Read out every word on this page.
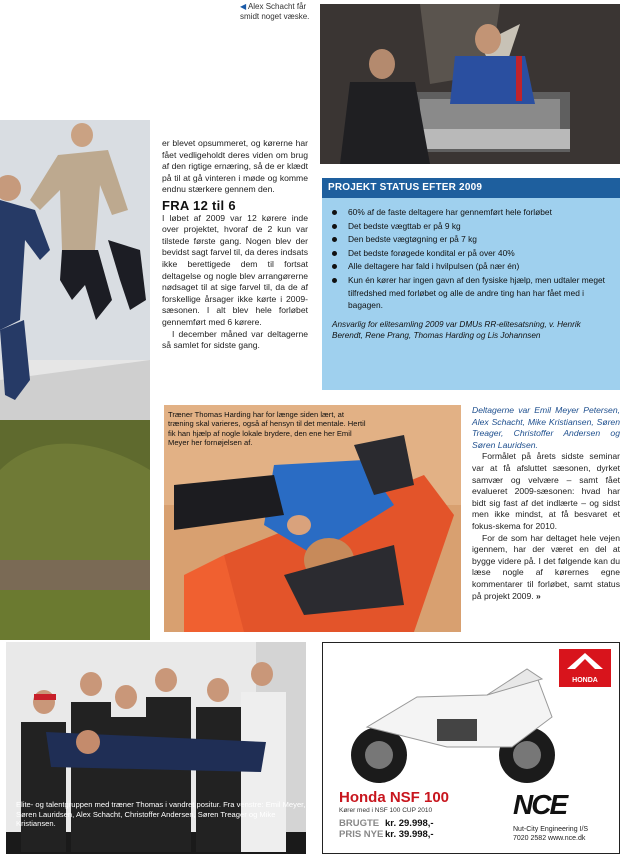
◀ Alex Schacht får smidt noget væske.

er blevet opsummeret, og kørerne har fået vedligeholdt deres viden om brug af den rigtige ernæring, så de er klædt på til at gå vinteren i møde og komme endnu stærkere gennem den.

FRA 12 til 6

I løbet af 2009 var 12 kørere inde over projektet, hvoraf de 2 kun var tilstede første gang. Nogen blev der bevidst sagt farvel til, da deres indsats ikke berettigede dem til fortsat deltagelse og nogle blev arrangørerne nødsaget til at sige farvel til, da de af forskellige årsager ikke kørte i 2009-sæsonen. I alt blev hele forløbet gennemført med 6 kørere.

I december måned var deltagerne så samlet for sidste gang.

PROJEKT STATUS EFTER 2009
60% af de faste deltagere har gennemført hele forløbet
Det bedste vægttab er på 9 kg
Den bedste vægtøgning er på 7 kg
Det bedste forøgede kondital er på over 40%
Alle deltagere har fald i hvilpulsen (på nær én)
Kun én kører har ingen gavn af den fysiske hjælp, men udtaler meget tilfredshed med forløbet og alle de andre ting han har fået med i bagagen.
Ansvarlig for elitesamling 2009 var DMUs RR-elitesatsning, v. Henrik Berendt, Rene Prang, Thomas Harding og Lis Johannsen
Træner Thomas Harding har for længe siden lært, at træning skal varieres, også af hensyn til det mentale. Hertil fik han hjælp af nogle lokale brydere, den ene her Emil Meyer her fornøjelsen af.

Deltagerne var Emil Meyer Petersen, Alex Schacht, Mike Kristiansen, Søren Treager, Christoffer Andersen og Søren Lauridsen.

Formålet på årets sidste seminar var at få afsluttet sæsonen, dyrket samvær og velvære – samt fået evalueret 2009-sæsonen: hvad har bidt sig fast af det indlærte – og sidst men ikke mindst, at få besvaret et fokus-skema for 2010.

For de som har deltaget hele vejen igennem, har der været en del at bygge videre på. I det følgende kan du læse nogle af kørernes egne kommentarer til forløbet, samt status på projekt 2009. »

Elite- og talentgruppen med træner Thomas i vandret positur. Fra venstre: Emil Meyer, Søren Lauridsen, Alex Schacht, Christoffer Andersen, Søren Treager og Mike Kristiansen.
HONDA
Honda NSF 100
Kører med i NSF 100 CUP 2010
BRUGTE kr. 29.998,-
PRIS NYE kr. 39.998,-
NCE
Nut-City Engineering I/S
7020 2582 www.nce.dk
